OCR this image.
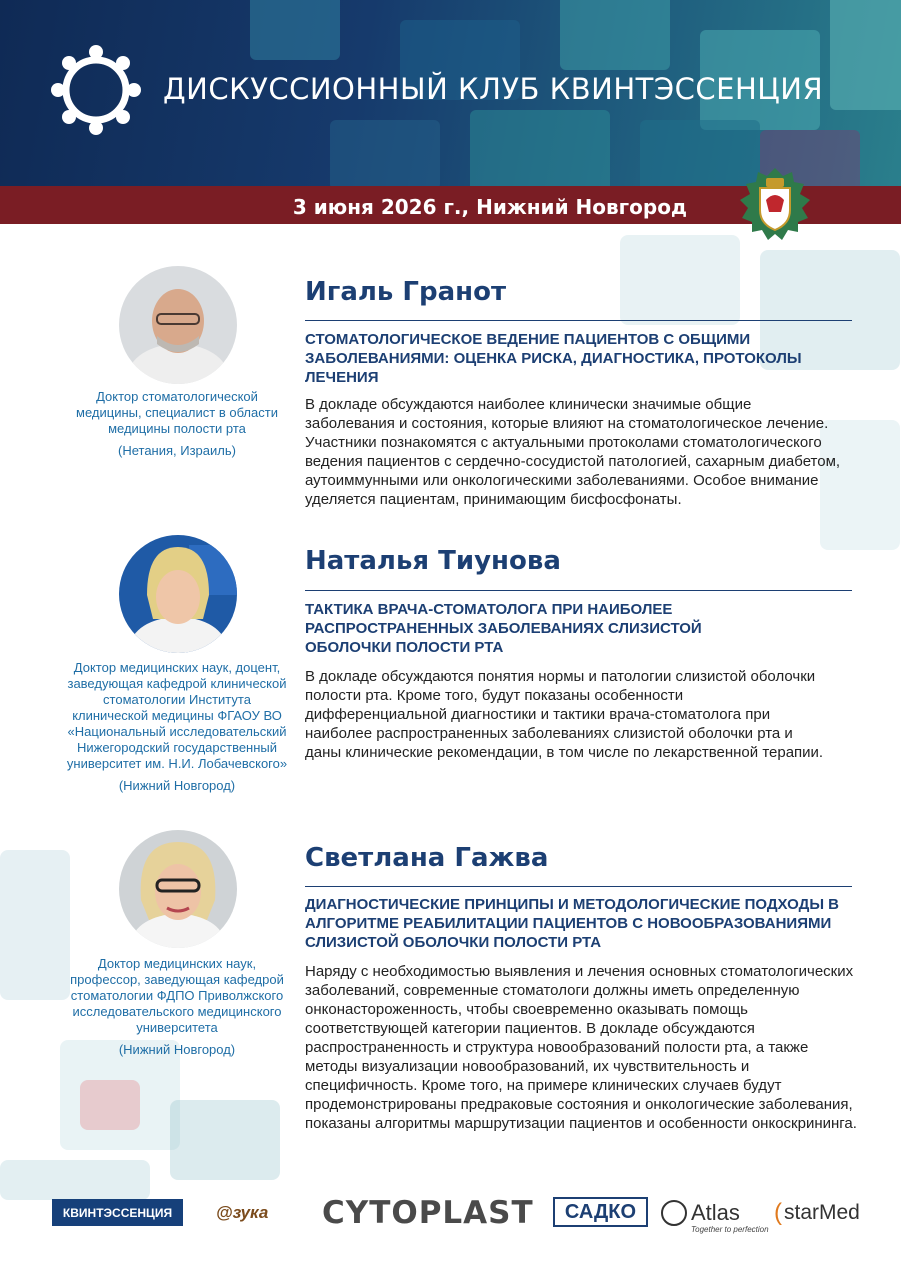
ДИСКУССИОННЫЙ КЛУБ КВИНТЭССЕНЦИЯ
3 июня 2026 г., Нижний Новгород
Доктор стоматологической медицины, специалист в области медицины полости рта
(Нетания, Израиль)
Игаль Гранот
СТОМАТОЛОГИЧЕСКОЕ ВЕДЕНИЕ ПАЦИЕНТОВ С ОБЩИМИ ЗАБОЛЕВАНИЯМИ: ОЦЕНКА РИСКА, ДИАГНОСТИКА, ПРОТОКОЛЫ ЛЕЧЕНИЯ
В докладе обсуждаются наиболее клинически значимые общие заболевания и состояния, которые влияют на стоматологическое лечение. Участники познакомятся с актуальными протоколами стоматологического ведения пациентов с сердечно-сосудистой патологией, сахарным диабетом, аутоиммунными или онкологическими заболеваниями. Особое внимание уделяется пациентам, принимающим бисфосфонаты.
Доктор медицинских наук, доцент, заведующая кафедрой клинической стоматологии Института клинической медицины ФГАОУ ВО «Национальный исследовательский Нижегородский государственный университет им. Н.И. Лобачевского»
(Нижний Новгород)
Наталья Тиунова
ТАКТИКА ВРАЧА-СТОМАТОЛОГА ПРИ НАИБОЛЕЕ РАСПРОСТРАНЕННЫХ ЗАБОЛЕВАНИЯХ СЛИЗИСТОЙ ОБОЛОЧКИ ПОЛОСТИ РТА
В докладе обсуждаются понятия нормы и патологии слизистой оболочки полости рта. Кроме того, будут показаны особенности дифференциальной диагностики и тактики врача-стоматолога при наиболее распространенных заболеваниях слизистой оболочки рта и даны клинические рекомендации, в том числе по лекарственной терапии.
Доктор медицинских наук, профессор, заведующая кафедрой стоматологии ФДПО Приволжского исследовательского медицинского университета
(Нижний Новгород)
Светлана Гажва
ДИАГНОСТИЧЕСКИЕ ПРИНЦИПЫ И МЕТОДОЛОГИЧЕСКИЕ ПОДХОДЫ В АЛГОРИТМЕ РЕАБИЛИТАЦИИ ПАЦИЕНТОВ С НОВООБРАЗОВАНИЯМИ СЛИЗИСТОЙ ОБОЛОЧКИ ПОЛОСТИ РТА
Наряду с необходимостью выявления и лечения основных стоматологических заболеваний, современные стоматологи должны иметь определенную онконастороженность, чтобы своевременно оказывать помощь соответствующей категории пациентов. В докладе обсуждаются распространенность и структура новообразований полости рта, а также методы визуализации новообразований, их чувствительность и специфичность. Кроме того, на примере клинических случаев будут продемонстрированы предраковые состояния и онкологические заболевания, показаны алгоритмы маршрутизации пациентов и особенности онкоскрининга.
КВИНТЭССЕНЦИЯ	@зука CYTOPLAST САДКО Atlas
Together to perfection
( starMed
